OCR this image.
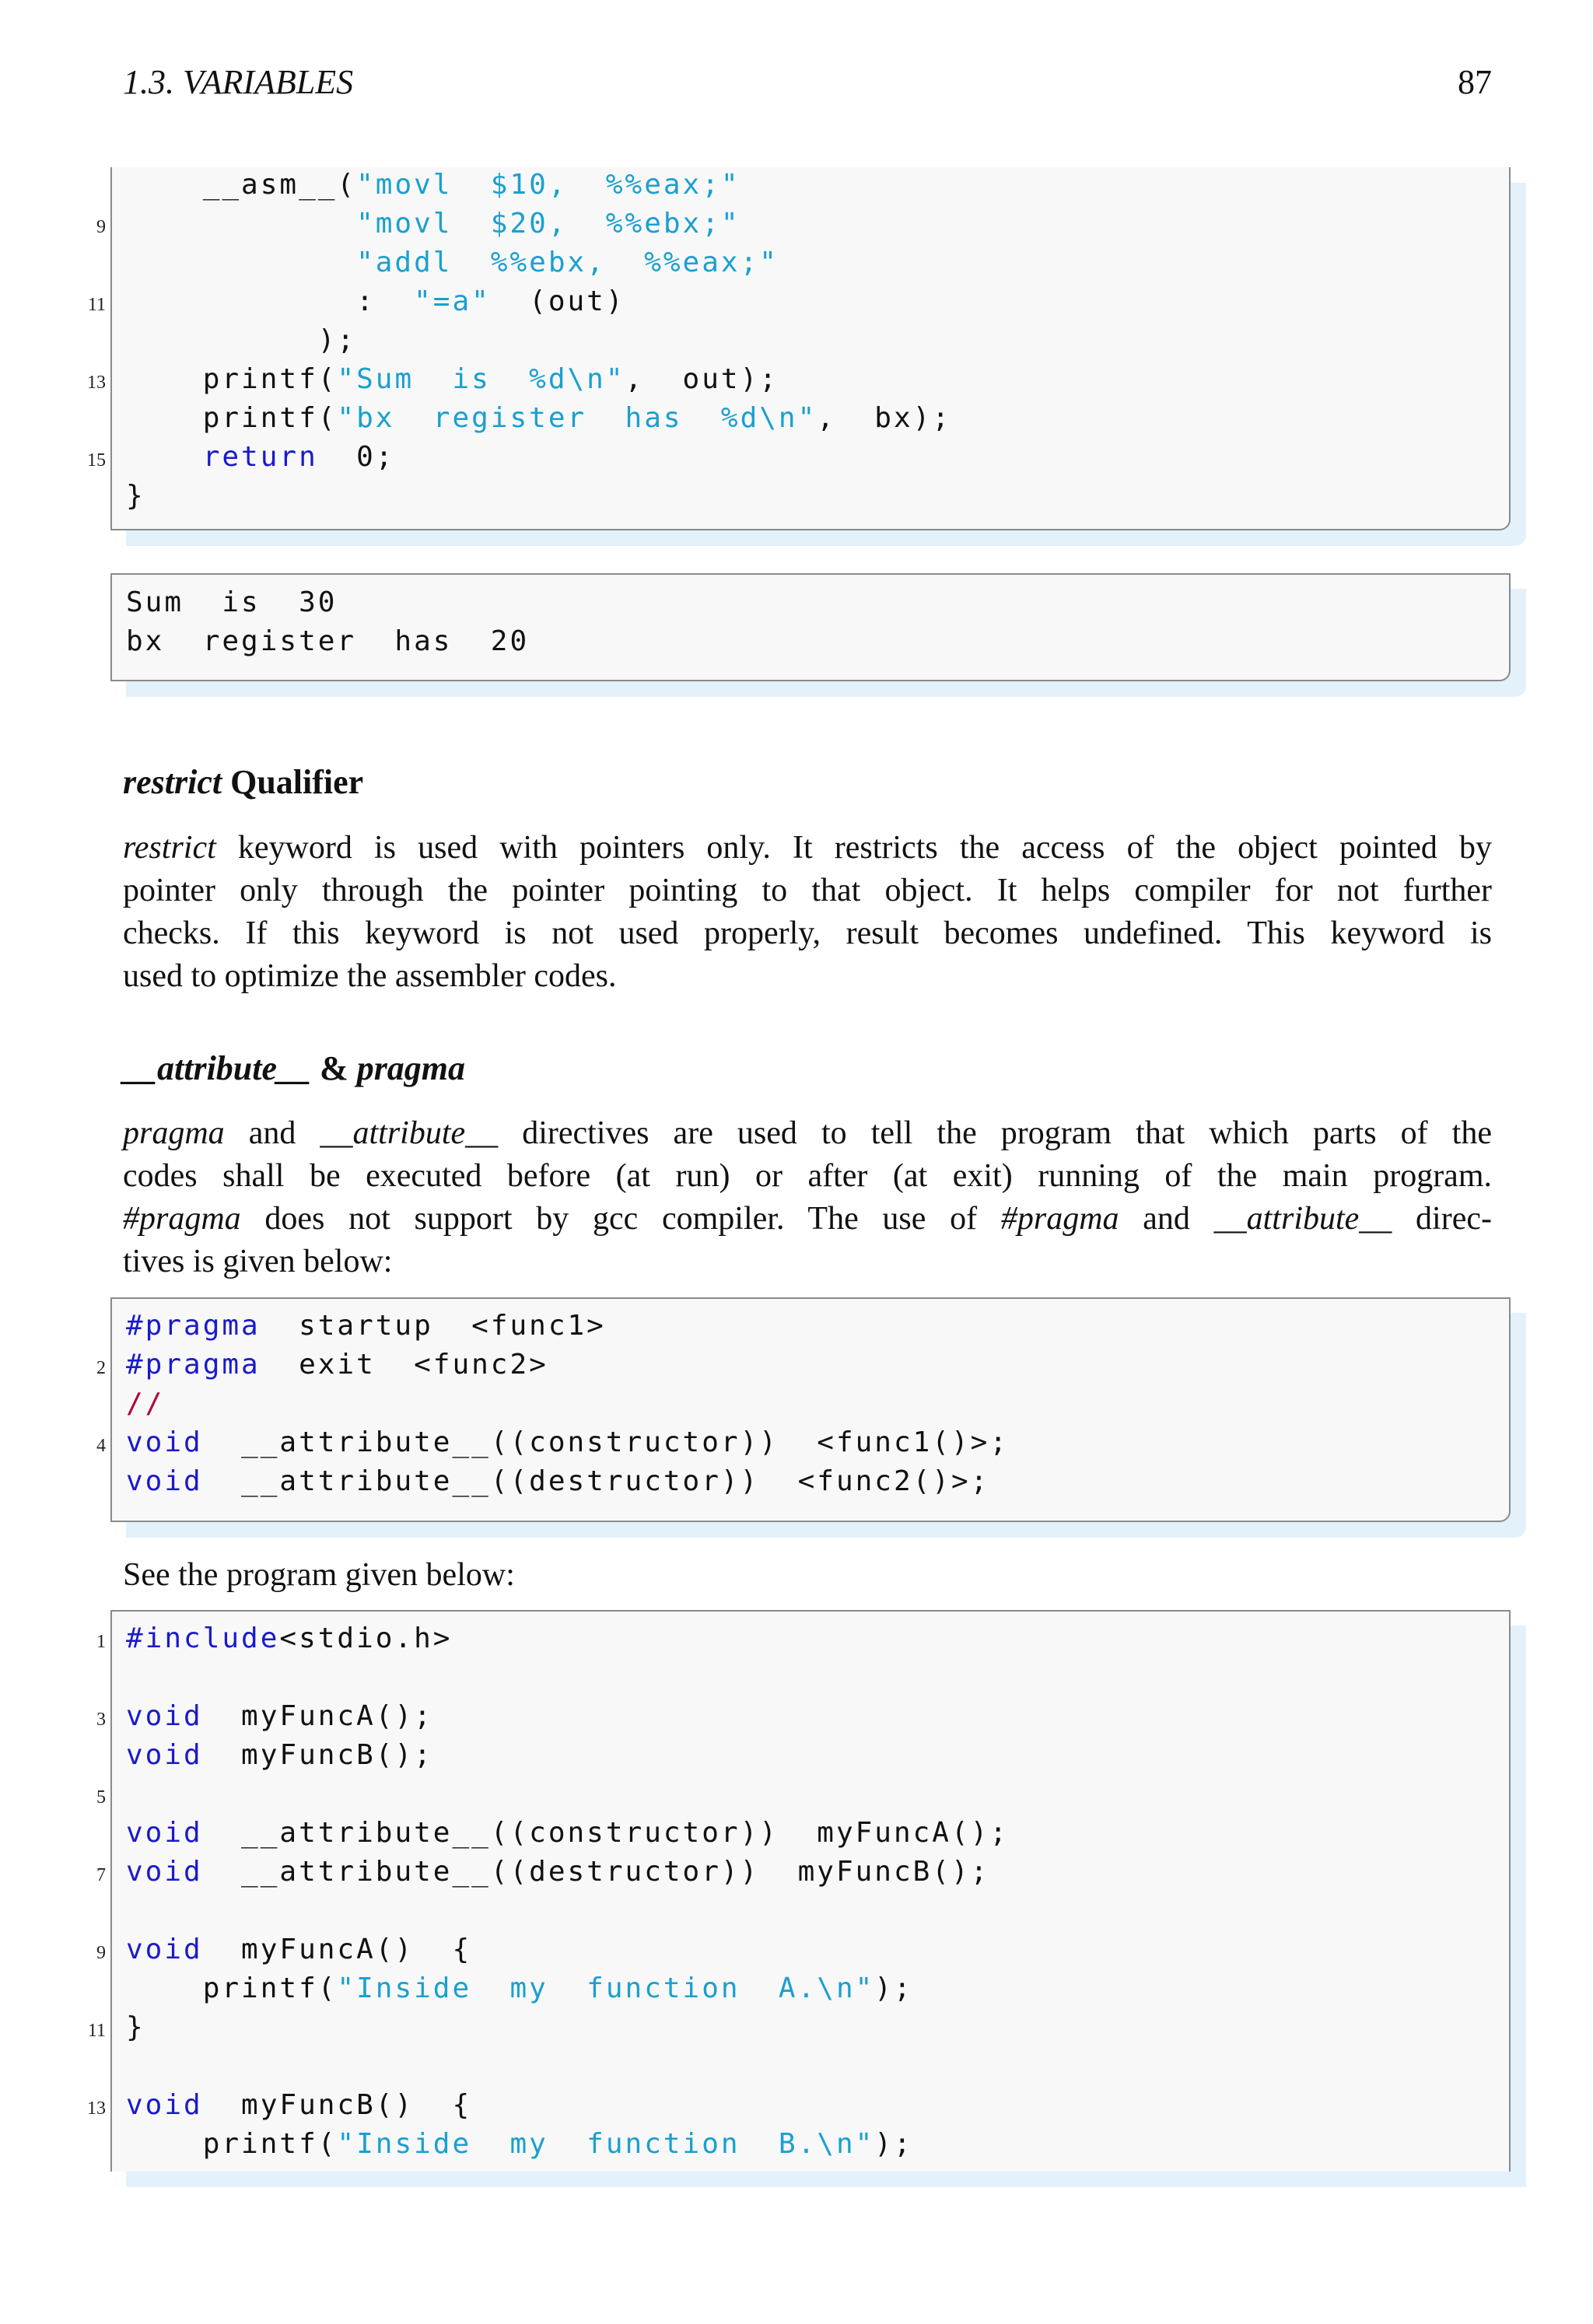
1.3. VARIABLES	87
__asm__("movl  $10,  %%eax;"
9 "movl  $20,  %%ebx;"
"addl  %%ebx,  %%eax;"
11 :  "=a"  (out)
);
13 printf("Sum  is  %d\n",  out);
printf("bx  register  has  %d\n",  bx);
15	return  0;
}
Sum  is  30
bx  register  has  20
restrict Qualifier
restrict keyword is used with pointers only. It restricts the access of the object pointed by
pointer only through the pointer pointing to that object. It helps compiler for not further
checks. If this keyword is not used properly, result becomes undefined. This keyword is
used to optimize the assembler codes.
__attribute__ & pragma
pragma and __attribute__ directives are used to tell the program that which parts of the
codes shall be executed before (at run) or after (at exit) running of the main program.
#pragma does not support by gcc compiler. The use of #pragma and __attribute__ direc-
tives is given below:
#pragma  startup  <func1>
2 #pragma  exit  <func2>
//
4 void  __attribute__((constructor))  <func1()>;
void  __attribute__((destructor))  <func2()>;
See the program given below:
1 #include<stdio.h>
3 void  myFuncA();
void  myFuncB();
5
void  __attribute__((constructor))  myFuncA();
7 void  __attribute__((destructor))  myFuncB();
9 void  myFuncA()  {
printf("Inside  my  function  A.\n");
11 }
13 void  myFuncB()  {
printf("Inside  my  function  B.\n");
